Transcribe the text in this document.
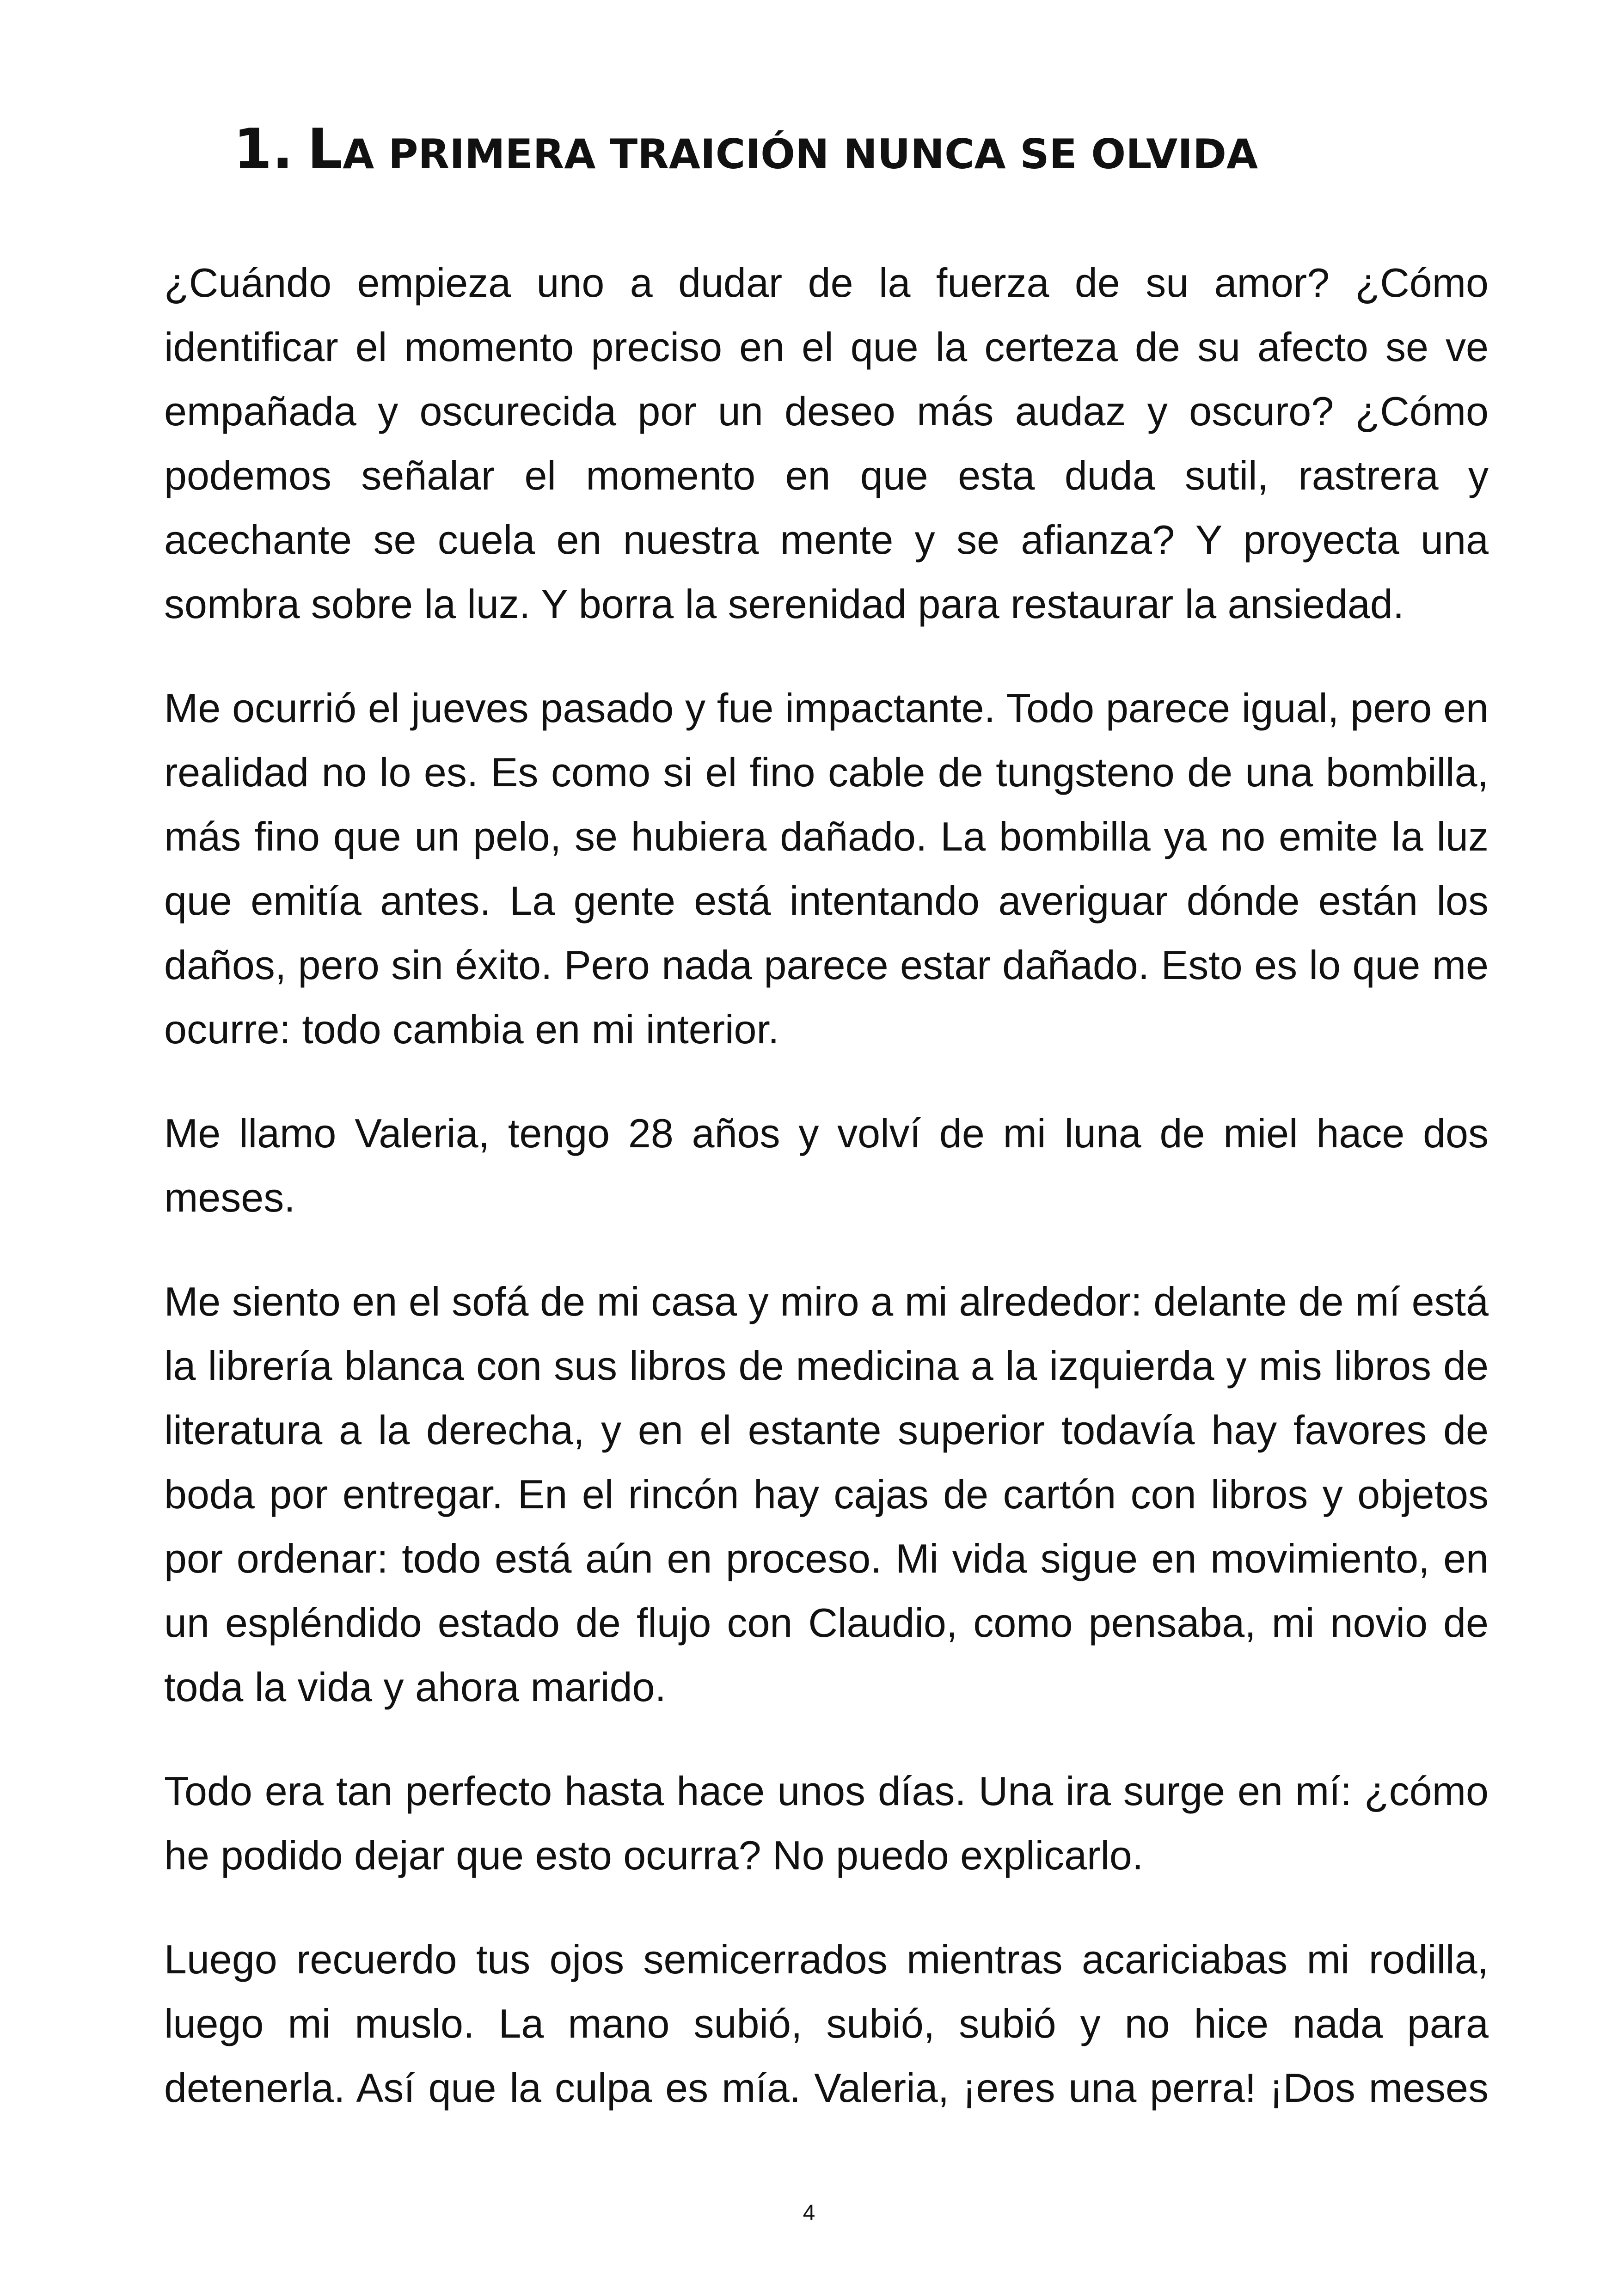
1. LA PRIMERA TRAICIÓN NUNCA SE OLVIDA

¿Cuándo empieza uno a dudar de la fuerza de su amor? ¿Cómo identificar el momento preciso en el que la certeza de su afecto se ve empañada y oscurecida por un deseo más audaz y oscuro? ¿Cómo podemos señalar el momento en que esta duda sutil, rastrera y acechante se cuela en nuestra mente y se afianza? Y proyecta una sombra sobre la luz. Y borra la serenidad para restaurar la ansiedad.

Me ocurrió el jueves pasado y fue impactante. Todo parece igual, pero en realidad no lo es. Es como si el fino cable de tungsteno de una bombilla, más fino que un pelo, se hubiera dañado. La bombilla ya no emite la luz que emitía antes. La gente está intentando averiguar dónde están los daños, pero sin éxito. Pero nada parece estar dañado. Esto es lo que me ocurre: todo cambia en mi interior.

Me llamo Valeria, tengo 28 años y volví de mi luna de miel hace dos meses.

Me siento en el sofá de mi casa y miro a mi alrededor: delante de mí está la librería blanca con sus libros de medicina a la izquierda y mis libros de literatura a la derecha, y en el estante superior todavía hay favores de boda por entregar. En el rincón hay cajas de cartón con libros y objetos por ordenar: todo está aún en proceso. Mi vida sigue en movimiento, en un espléndido estado de flujo con Claudio, como pensaba, mi novio de toda la vida y ahora marido.

Todo era tan perfecto hasta hace unos días. Una ira surge en mí: ¿cómo he podido dejar que esto ocurra? No puedo explicarlo.

Luego recuerdo tus ojos semicerrados mientras acariciabas mi rodilla, luego mi muslo. La mano subió, subió, subió y no hice nada para detenerla. Así que la culpa es mía. Valeria, ¡eres una perra! ¡Dos meses

4
